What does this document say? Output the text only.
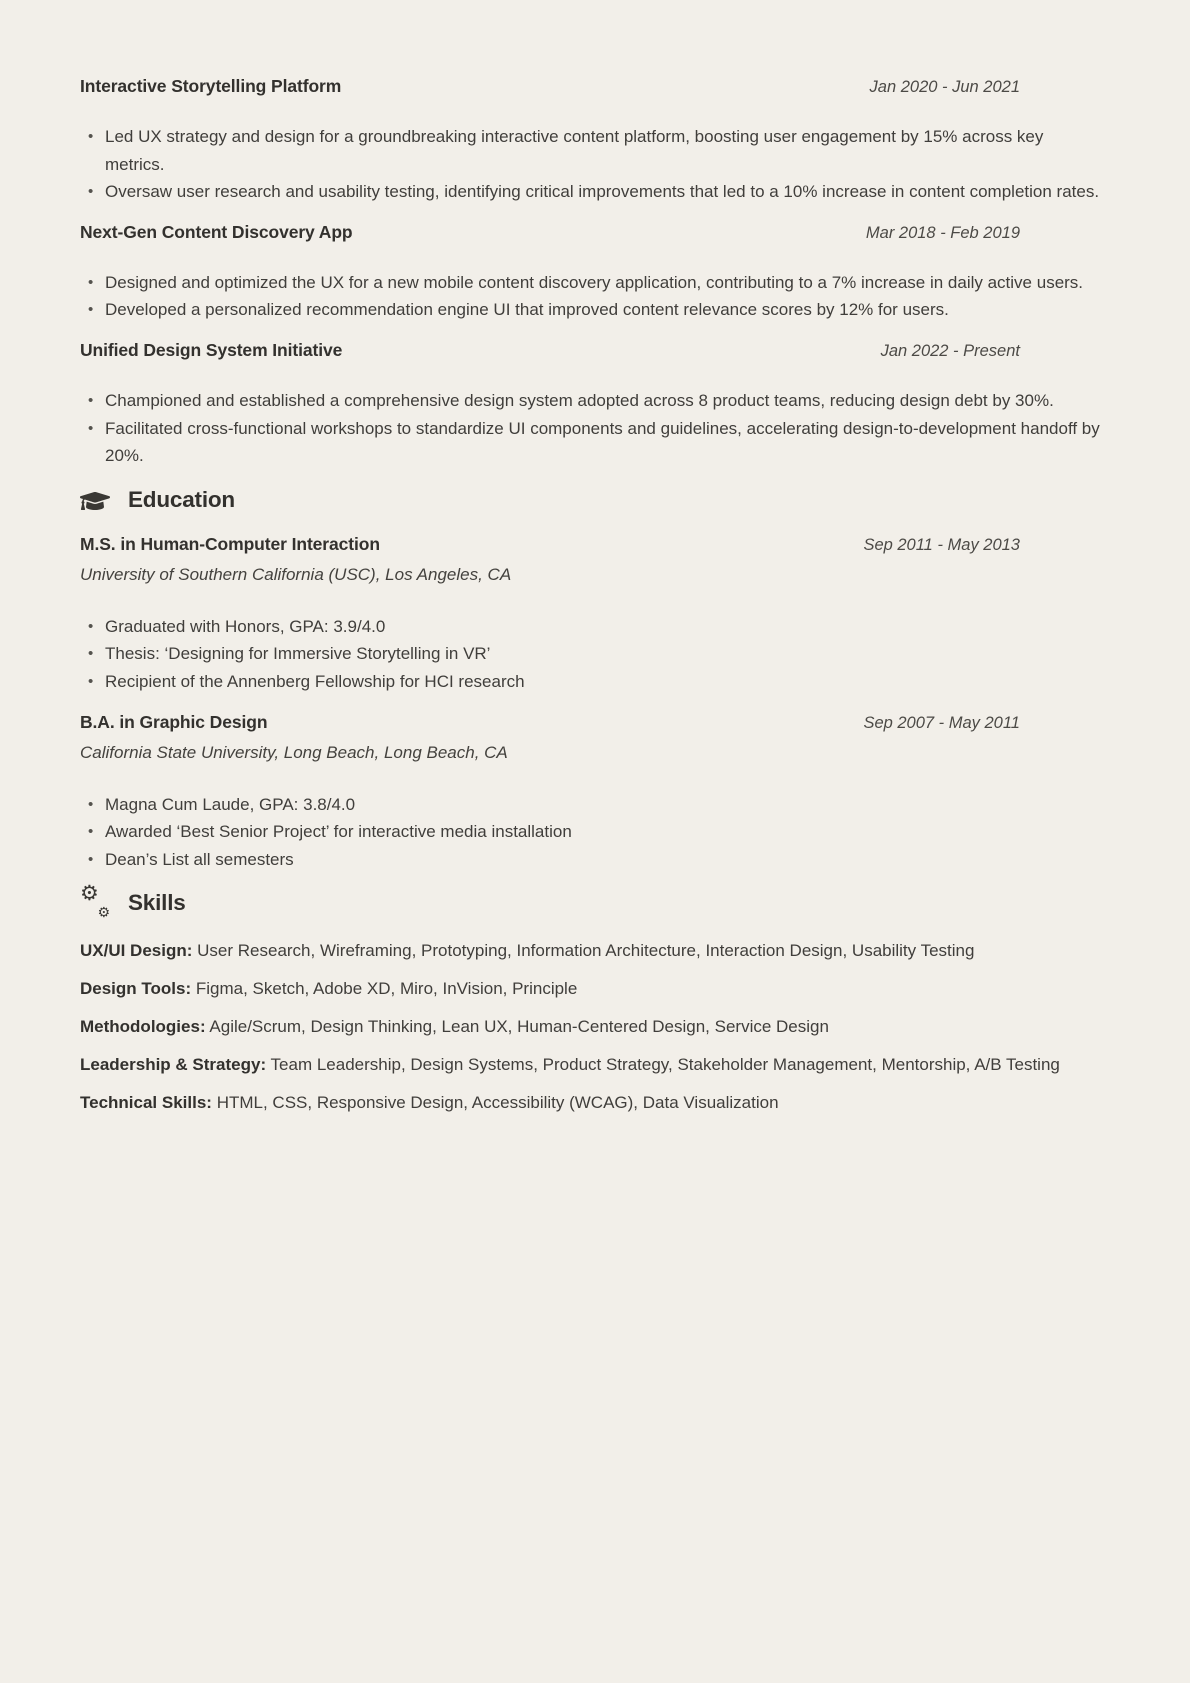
Interactive Storytelling Platform	Jan 2020 - Jun 2021
• Led UX strategy and design for a groundbreaking interactive content platform, boosting user engagement by 15% across key metrics.
• Oversaw user research and usability testing, identifying critical improvements that led to a 10% increase in content completion rates.
Next-Gen Content Discovery App	Mar 2018 - Feb 2019
• Designed and optimized the UX for a new mobile content discovery application, contributing to a 7% increase in daily active users.
• Developed a personalized recommendation engine UI that improved content relevance scores by 12% for users.
Unified Design System Initiative	Jan 2022 - Present
• Championed and established a comprehensive design system adopted across 8 product teams, reducing design debt by 30%.
• Facilitated cross-functional workshops to standardize UI components and guidelines, accelerating design-to-development handoff by 20%.
Education
M.S. in Human-Computer Interaction	Sep 2011 - May 2013

University of Southern California (USC), Los Angeles, CA

• Graduated with Honors, GPA: 3.9/4.0
• Thesis: ‘Designing for Immersive Storytelling in VR’
• Recipient of the Annenberg Fellowship for HCI research
B.A. in Graphic Design	Sep 2007 - May 2011

California State University, Long Beach, Long Beach, CA

• Magna Cum Laude, GPA: 3.8/4.0
• Awarded ‘Best Senior Project’ for interactive media installation
• Dean’s List all semesters
⚙
⚙ Skills

UX/UI Design: User Research, Wireframing, Prototyping, Information Architecture, Interaction Design, Usability Testing

Design Tools: Figma, Sketch, Adobe XD, Miro, InVision, Principle

Methodologies: Agile/Scrum, Design Thinking, Lean UX, Human-Centered Design, Service Design

Leadership & Strategy: Team Leadership, Design Systems, Product Strategy, Stakeholder Management, Mentorship, A/B Testing

Technical Skills: HTML, CSS, Responsive Design, Accessibility (WCAG), Data Visualization
